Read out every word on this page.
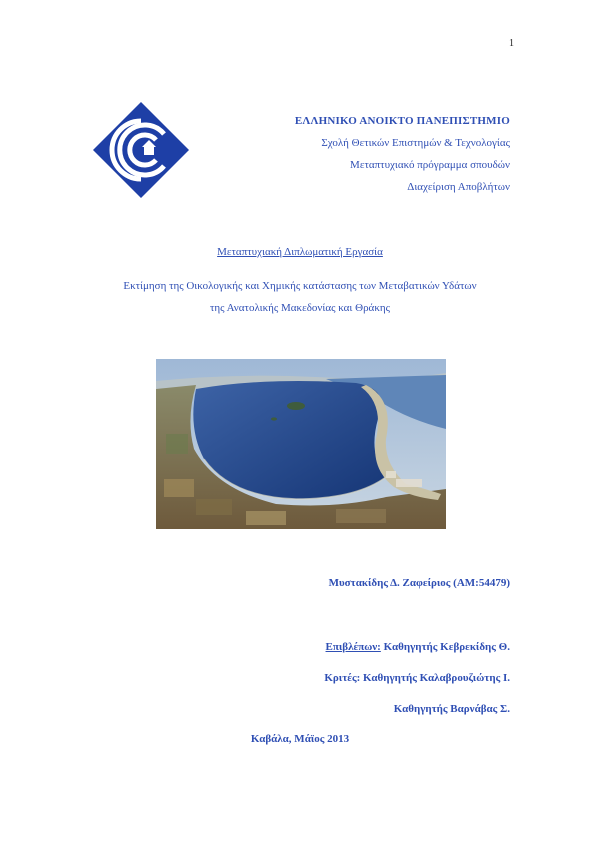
1
ΕΛΛΗΝΙΚΟ ΑΝΟΙΚΤΟ ΠΑΝΕΠΙΣΤΗΜΙΟ
Σχολή Θετικών Επιστημών & Τεχνολογίας
Μεταπτυχιακό πρόγραμμα σπουδών
Διαχείριση Αποβλήτων
Μεταπτυχιακή Διπλωματική Εργασία
Εκτίμηση της Οικολογικής και Χημικής κατάστασης των Μεταβατικών Υδάτων
της Ανατολικής Μακεδονίας και Θράκης
Μυστακίδης Δ. Ζαφείριος (ΑΜ:54479)
Επιβλέπων: Καθηγητής Κεβρεκίδης Θ.
Κριτές: Καθηγητής Καλαβρουζιώτης Ι.
Καθηγητής Βαρνάβας Σ.
Καβάλα, Μάϊος 2013
